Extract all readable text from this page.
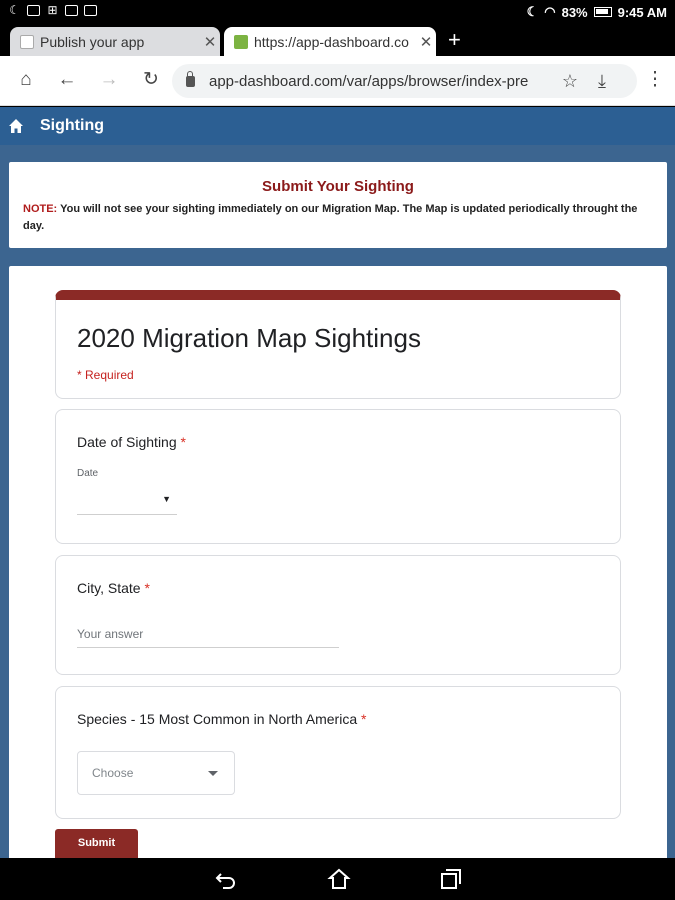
☾ ⊞	☾ ◠ 83% 9:45 AM
Publish your app	✕	https://app-dashboard.co ✕ +
⌂	← → ↻	app-dashboard.com/var/apps/browser/index-pre	☆	⤓	⋮
Sighting
Submit Your Sighting
NOTE: You will not see your sighting immediately on our Migration Map. The Map is updated periodically throught the day.
2020 Migration Map Sightings
* Required
Date of Sighting *
Date
▼
City, State *
Your answer
Species - 15 Most Common in North America *
Choose
Submit
